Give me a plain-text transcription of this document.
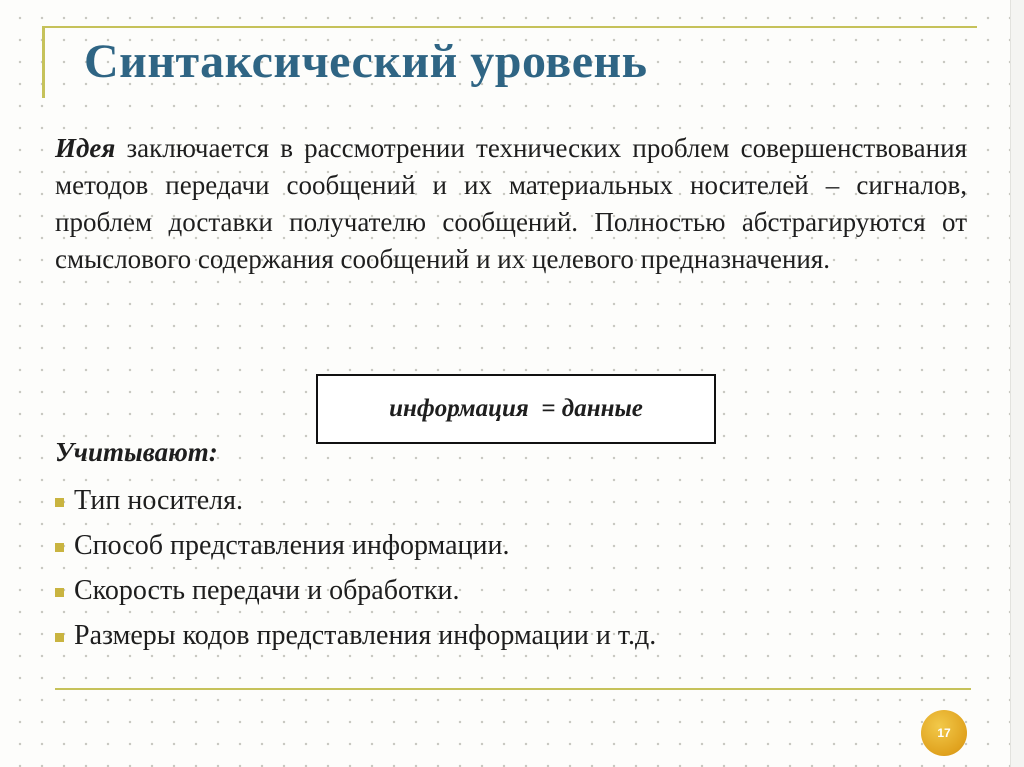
Синтаксический уровень

Идея заключается в рассмотрении технических проблем совершенствования методов передачи сообщений и их материальных носителей – сигналов, проблем доставки получателю сообщений. Полностью абстрагируются от смыслового содержания сообщений и их целевого предназначения.

информация  = данные
Учитывают:
Тип носителя.
Способ представления информации.
Скорость передачи и обработки.
Размеры кодов представления информации и т.д.
17
